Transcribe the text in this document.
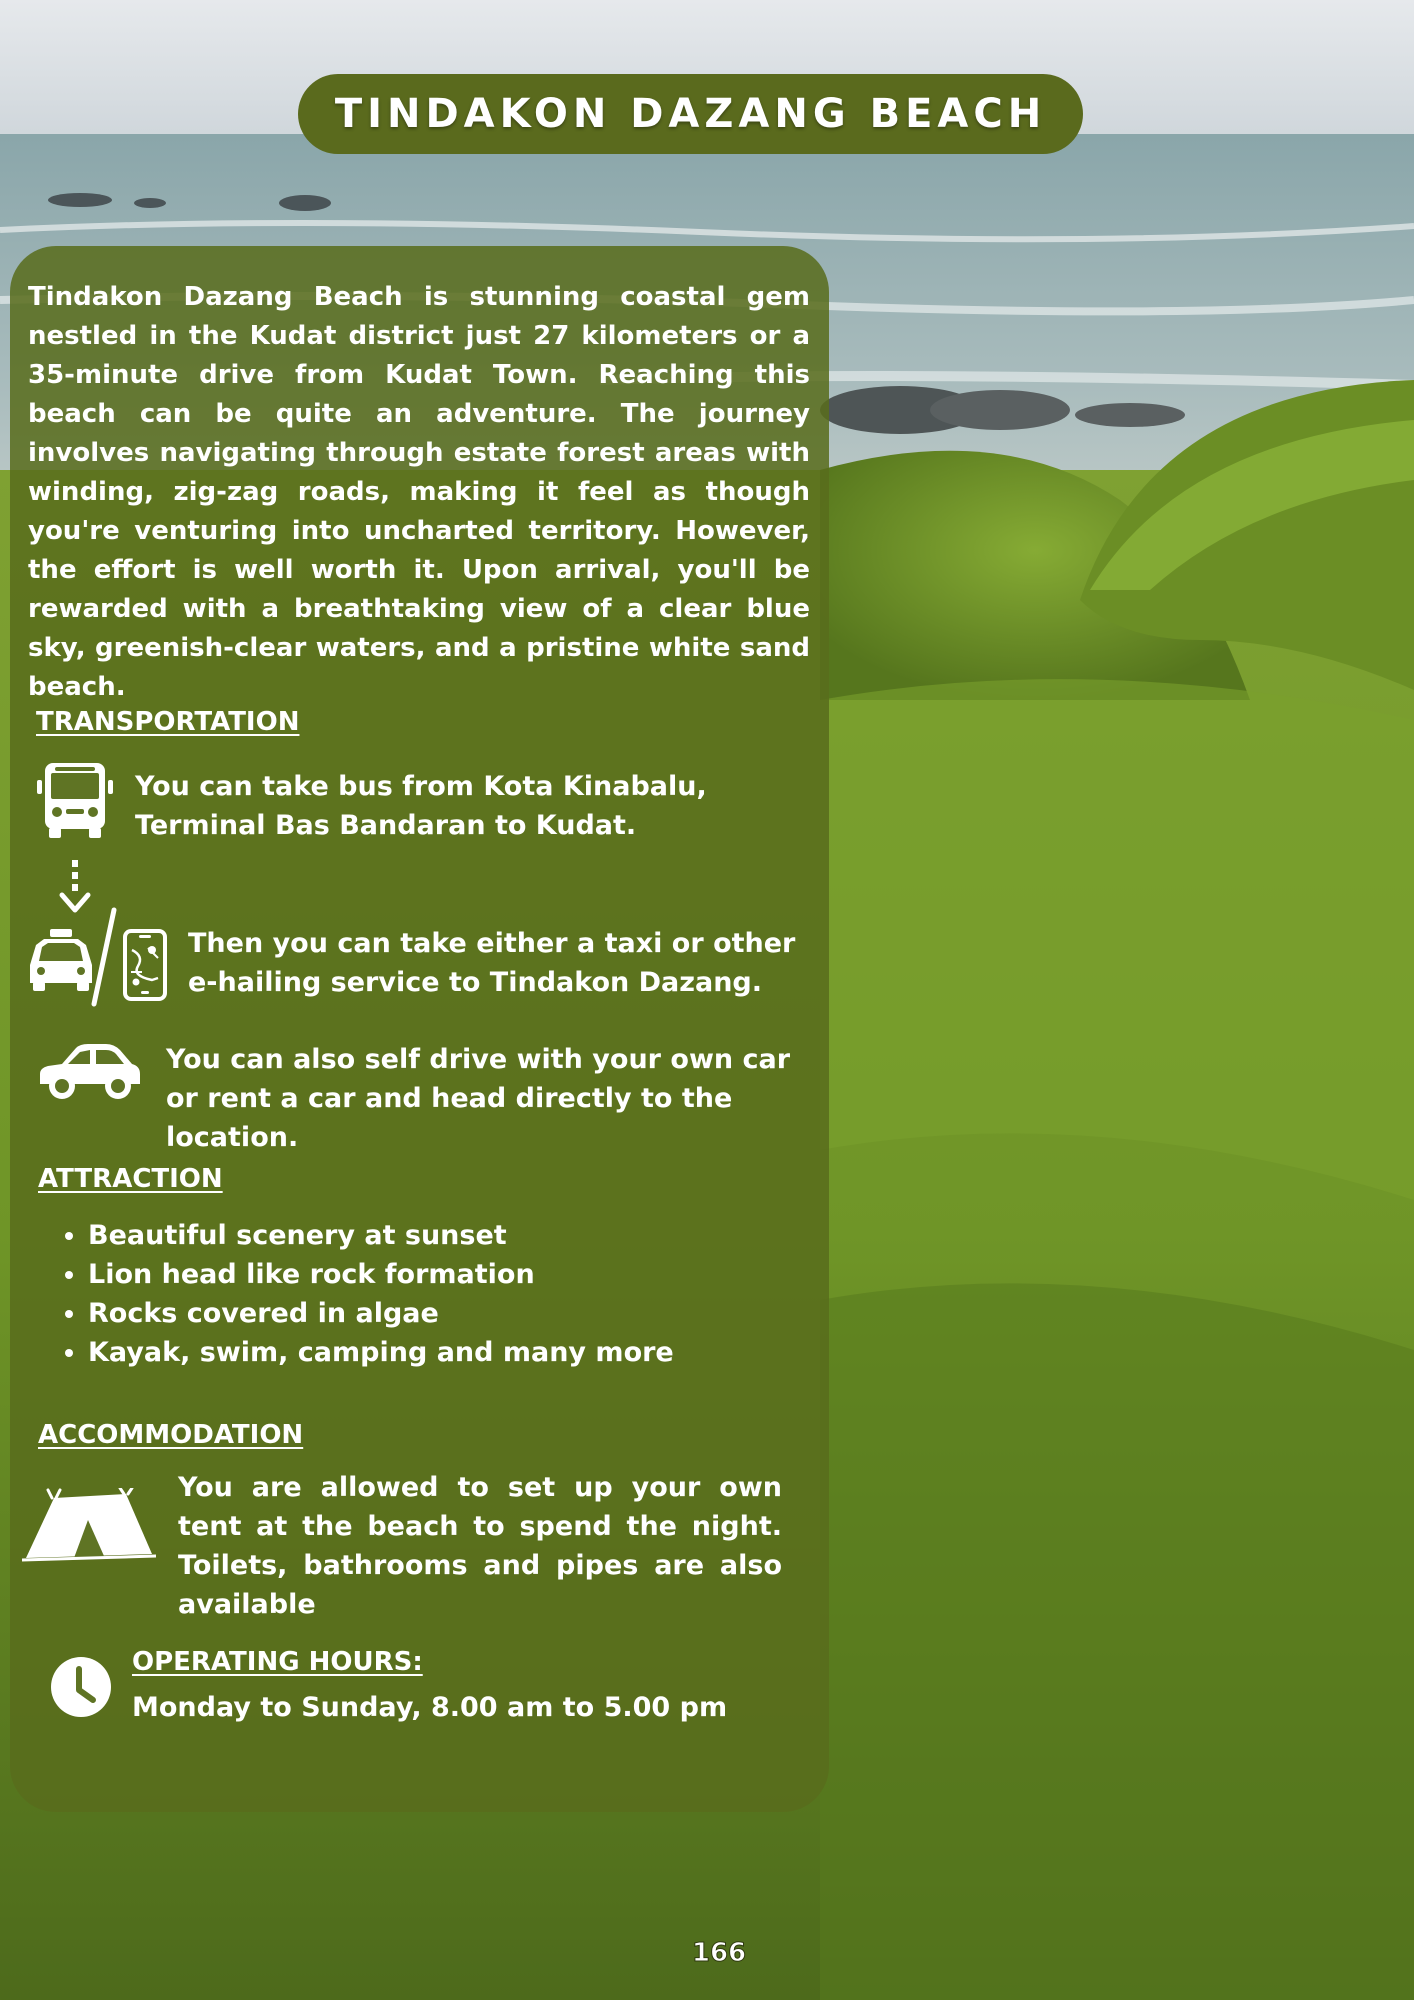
TINDAKON DAZANG BEACH

Tindakon Dazang Beach is stunning coastal gem nestled in the Kudat district just 27 kilometers or a 35-minute drive from Kudat Town. Reaching this beach can be quite an adventure. The journey involves navigating through estate forest areas with winding, zig-zag roads, making it feel as though you're venturing into uncharted territory. However, the effort is well worth it. Upon arrival, you'll be rewarded with a breathtaking view of a clear blue sky, greenish-clear waters, and a pristine white sand beach.

TRANSPORTATION

You can take bus from Kota Kinabalu, Terminal Bas Bandaran to Kudat.

Then you can take either a taxi or other e-hailing service to Tindakon Dazang.

You can also self drive with your own car or rent a car and head directly to the location.

ATTRACTION
• Beautiful scenery at sunset
• Lion head like rock formation
• Rocks covered in algae
• Kayak, swim, camping and many more
ACCOMMODATION

You are allowed to set up your own tent at the beach to spend the night. Toilets, bathrooms and pipes are also available

OPERATING HOURS:

Monday to Sunday, 8.00 am to 5.00 pm

166
